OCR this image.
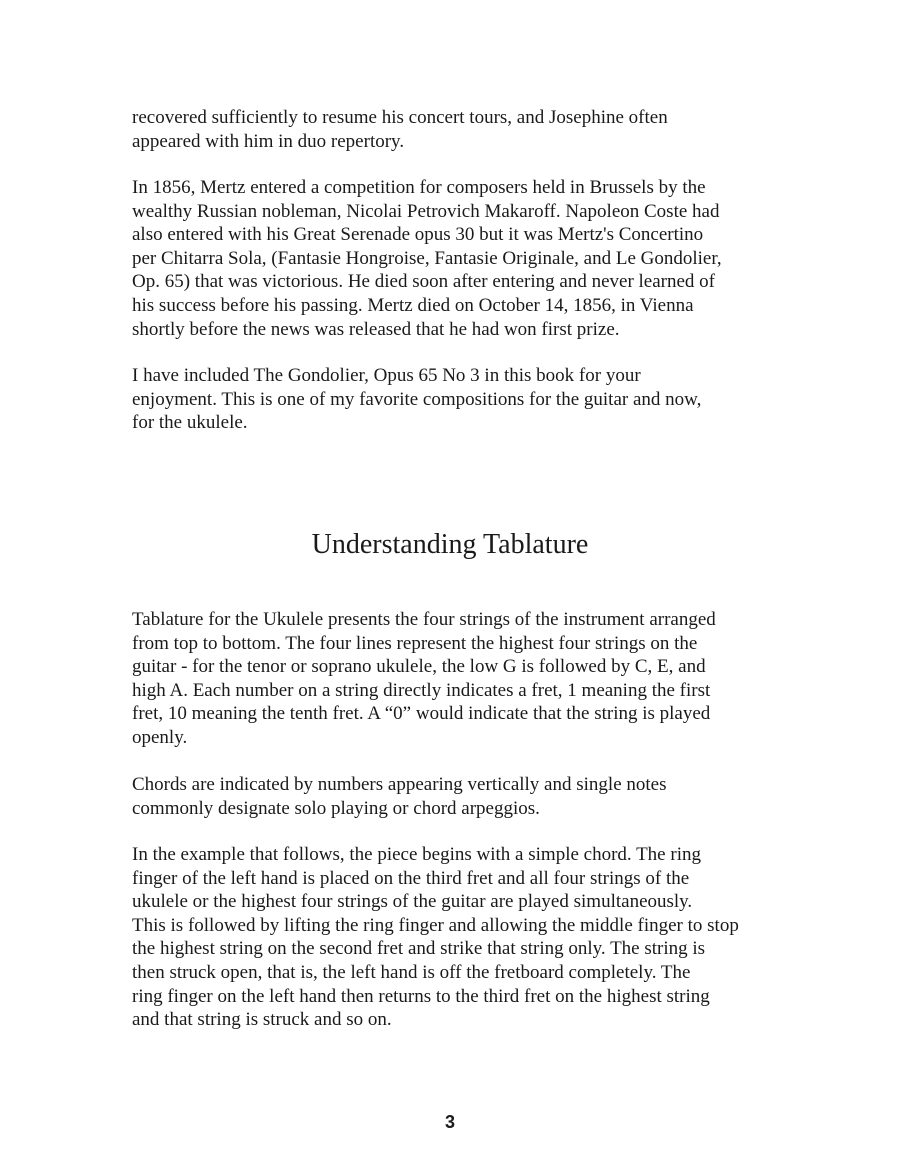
recovered sufficiently to resume his concert tours, and Josephine often
appeared with him in duo repertory.

In 1856, Mertz entered a competition for composers held in Brussels by the
wealthy Russian nobleman, Nicolai Petrovich Makaroff. Napoleon Coste had
also entered with his Great Serenade opus 30 but it was Mertz's Concertino
per Chitarra Sola, (Fantasie Hongroise, Fantasie Originale, and Le Gondolier,
Op. 65) that was victorious. He died soon after entering and never learned of
his success before his passing. Mertz died on October 14, 1856, in Vienna
shortly before the news was released that he had won first prize.

I have included The Gondolier, Opus 65 No 3 in this book for your
enjoyment. This is one of my favorite compositions for the guitar and now,
for the ukulele.

Understanding Tablature

Tablature for the Ukulele presents the four strings of the instrument arranged
from top to bottom. The four lines represent the highest four strings on the
guitar - for the tenor or soprano ukulele, the low G is followed by C, E, and
high A. Each number on a string directly indicates a fret, 1 meaning the first
fret, 10 meaning the tenth fret. A “0” would indicate that the string is played
openly.

Chords are indicated by numbers appearing vertically and single notes
commonly designate solo playing or chord arpeggios.

In the example that follows, the piece begins with a simple chord. The ring
finger of the left hand is placed on the third fret and all four strings of the
ukulele or the highest four strings of the guitar are played simultaneously.
This is followed by lifting the ring finger and allowing the middle finger to stop
the highest string on the second fret and strike that string only. The string is
then struck open, that is, the left hand is off the fretboard completely. The
ring finger on the left hand then returns to the third fret on the highest string
and that string is struck and so on.

3
